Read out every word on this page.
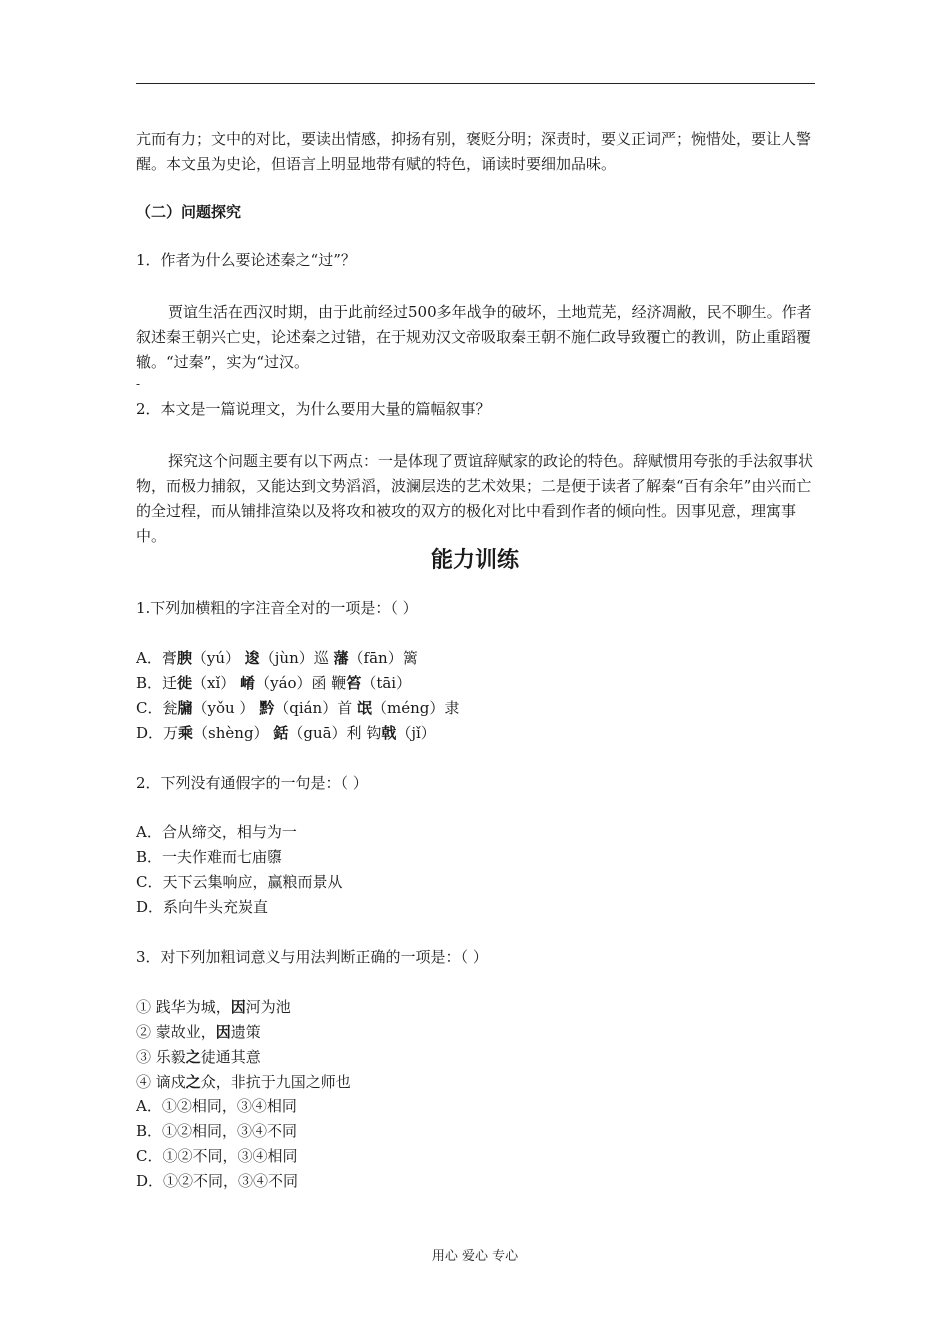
亢而有力；文中的对比，要读出情感，抑扬有别，褒贬分明；深责时，要义正词严；惋惜处，要让人警醒。本文虽为史论，但语言上明显地带有赋的特色，诵读时要细加品味。
（二）问题探究
1．作者为什么要论述秦之“过”？
贾谊生活在西汉时期，由于此前经过500多年战争的破坏，土地荒芜，经济凋敝，民不聊生。作者叙述秦王朝兴亡史，论述秦之过错，在于规劝汉文帝吸取秦王朝不施仁政导致覆亡的教训，防止重蹈覆辙。“过秦”，实为“过汉。
-
2．本文是一篇说理文，为什么要用大量的篇幅叙事？
探究这个问题主要有以下两点：一是体现了贾谊辞赋家的政论的特色。辞赋惯用夸张的手法叙事状物，而极力捕叙，又能达到文势滔滔，波澜层迭的艺术效果；二是便于读者了解秦“百有余年”由兴而亡的全过程，而从铺排渲染以及将攻和被攻的双方的极化对比中看到作者的倾向性。因事见意，理寓事中。
能力训练
1.下列加横粗的字注音全对的一项是：（ ）
A．膏腴（yú） 逡（jùn）巡 藩（fān）篱
B．迁徙（xǐ） 崤（yáo）函 鞭笞（tāi）
C．瓮牖（yǒu ） 黔（qián）首 氓（méng）隶
D．万乘（shèng） 銛（guā）利 钩戟（jǐ）
2．下列没有通假字的一句是：（ ）
A．合从缔交，相与为一
B．一夫作难而七庙隳
C．天下云集响应，赢粮而景从
D．系向牛头充炭直
3．对下列加粗词意义与用法判断正确的一项是：（ ）
① 践华为城，因河为池
② 蒙故业，因遗策
③ 乐毅之徒通其意
④ 谪戍之众，非抗于九国之师也
A．①②相同，③④相同
B．①②相同，③④不同
C．①②不同，③④相同
D．①②不同，③④不同
用心 爱心 专心
